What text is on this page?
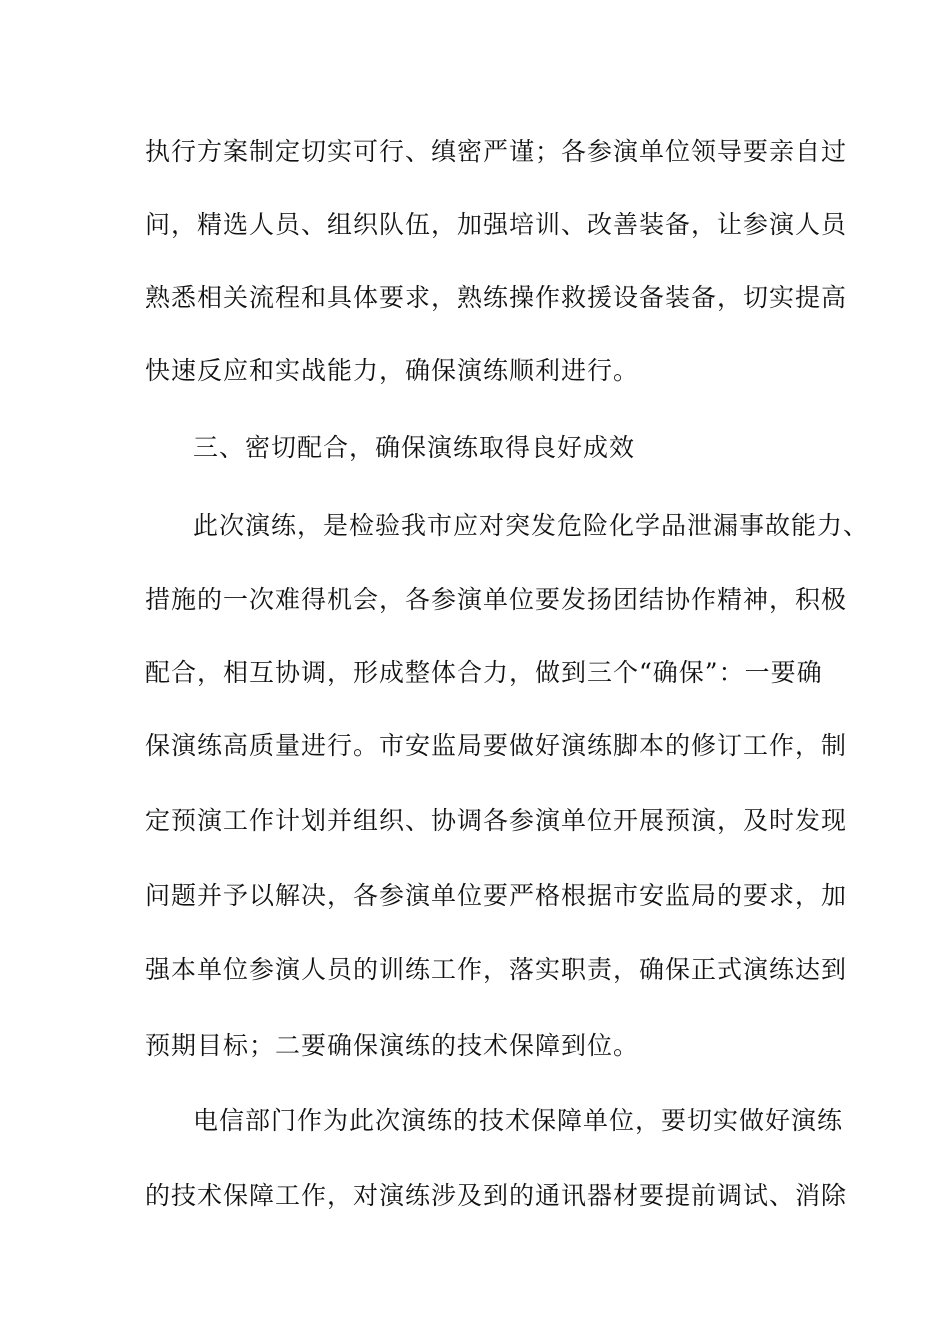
执行方案制定切实可行、缜密严谨；各参演单位领导要亲自过

问，精选人员、组织队伍，加强培训、改善装备，让参演人员

熟悉相关流程和具体要求，熟练操作救援设备装备，切实提高

快速反应和实战能力，确保演练顺利进行。

三、密切配合，确保演练取得良好成效

此次演练，是检验我市应对突发危险化学品泄漏事故能力、

措施的一次难得机会，各参演单位要发扬团结协作精神，积极

配合，相互协调，形成整体合力，做到三个“确保”：一要确

保演练高质量进行。市安监局要做好演练脚本的修订工作，制

定预演工作计划并组织、协调各参演单位开展预演，及时发现

问题并予以解决，各参演单位要严格根据市安监局的要求，加

强本单位参演人员的训练工作，落实职责，确保正式演练达到

预期目标；二要确保演练的技术保障到位。

电信部门作为此次演练的技术保障单位，要切实做好演练

的技术保障工作，对演练涉及到的通讯器材要提前调试、消除
